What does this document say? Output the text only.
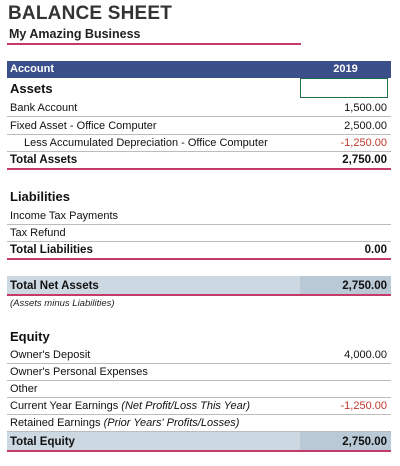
BALANCE SHEET
My Amazing Business
Account	2019
Assets
Bank Account	1,500.00
Fixed Asset - Office Computer	2,500.00
Less Accumulated Depreciation - Office Computer	-1,250.00
Total Assets	2,750.00
Liabilities
Income Tax Payments
Tax Refund
Total Liabilities	0.00
Total Net Assets	2,750.00
(Assets minus Liabilities)
Equity
Owner's Deposit	4,000.00
Owner's Personal Expenses
Other
Current Year Earnings (Net Profit/Loss This Year)	-1,250.00
Retained Earnings (Prior Years' Profits/Losses)
Total Equity	2,750.00
